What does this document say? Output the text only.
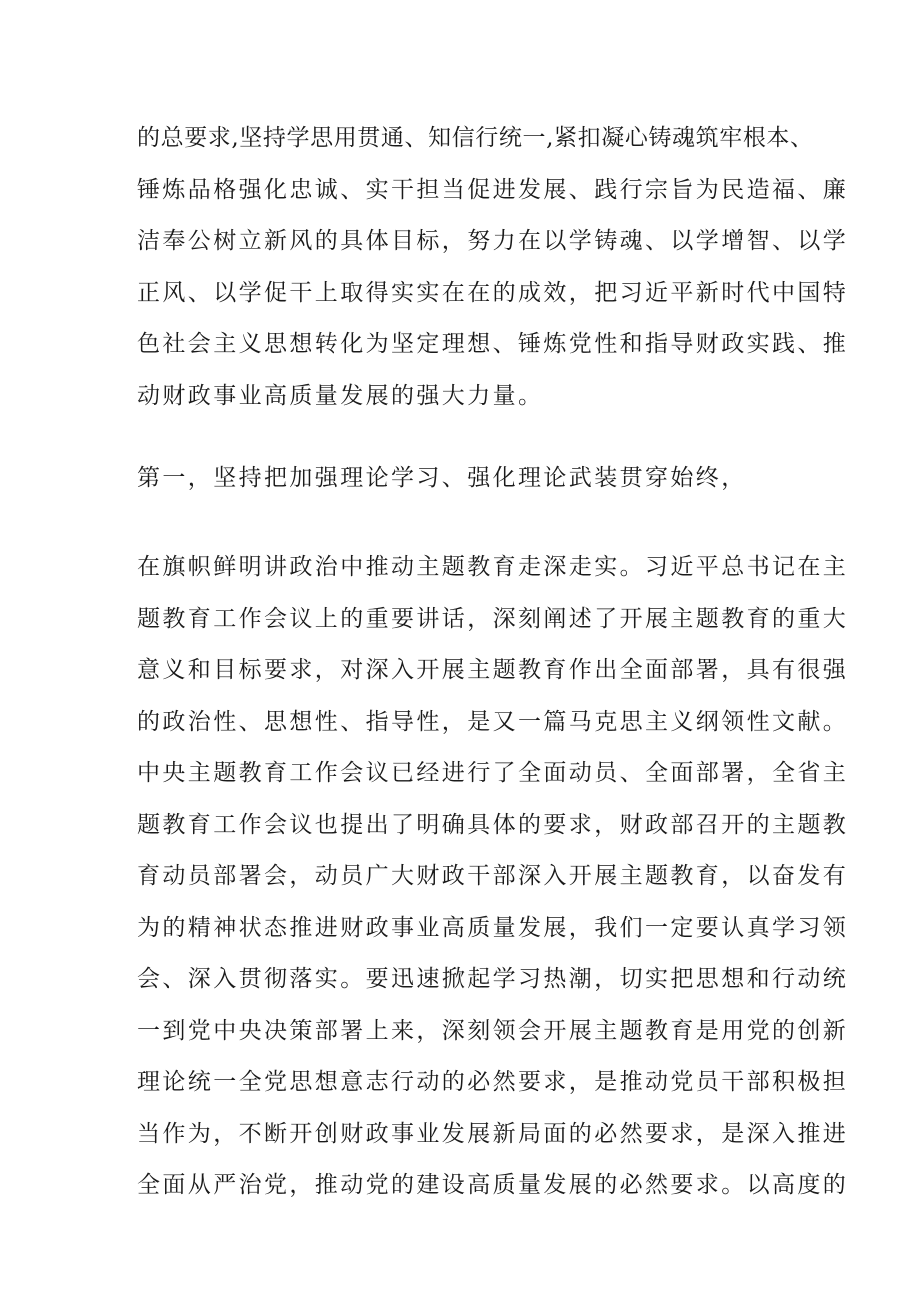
的总要求,坚持学思用贯通、知信行统一,紧扣凝心铸魂筑牢根本、
锤炼品格强化忠诚、实干担当促进发展、践行宗旨为民造福、廉
洁奉公树立新风的具体目标，努力在以学铸魂、以学增智、以学
正风、以学促干上取得实实在在的成效，把习近平新时代中国特
色社会主义思想转化为坚定理想、锤炼党性和指导财政实践、推
动财政事业高质量发展的强大力量。
第一，坚持把加强理论学习、强化理论武装贯穿始终，
在旗帜鲜明讲政治中推动主题教育走深走实。习近平总书记在主
题教育工作会议上的重要讲话，深刻阐述了开展主题教育的重大
意义和目标要求，对深入开展主题教育作出全面部署，具有很强
的政治性、思想性、指导性，是又一篇马克思主义纲领性文献。
中央主题教育工作会议已经进行了全面动员、全面部署，全省主
题教育工作会议也提出了明确具体的要求，财政部召开的主题教
育动员部署会，动员广大财政干部深入开展主题教育，以奋发有
为的精神状态推进财政事业高质量发展，我们一定要认真学习领
会、深入贯彻落实。要迅速掀起学习热潮，切实把思想和行动统
一到党中央决策部署上来，深刻领会开展主题教育是用党的创新
理论统一全党思想意志行动的必然要求，是推动党员干部积极担
当作为，不断开创财政事业发展新局面的必然要求，是深入推进
全面从严治党，推动党的建设高质量发展的必然要求。以高度的
